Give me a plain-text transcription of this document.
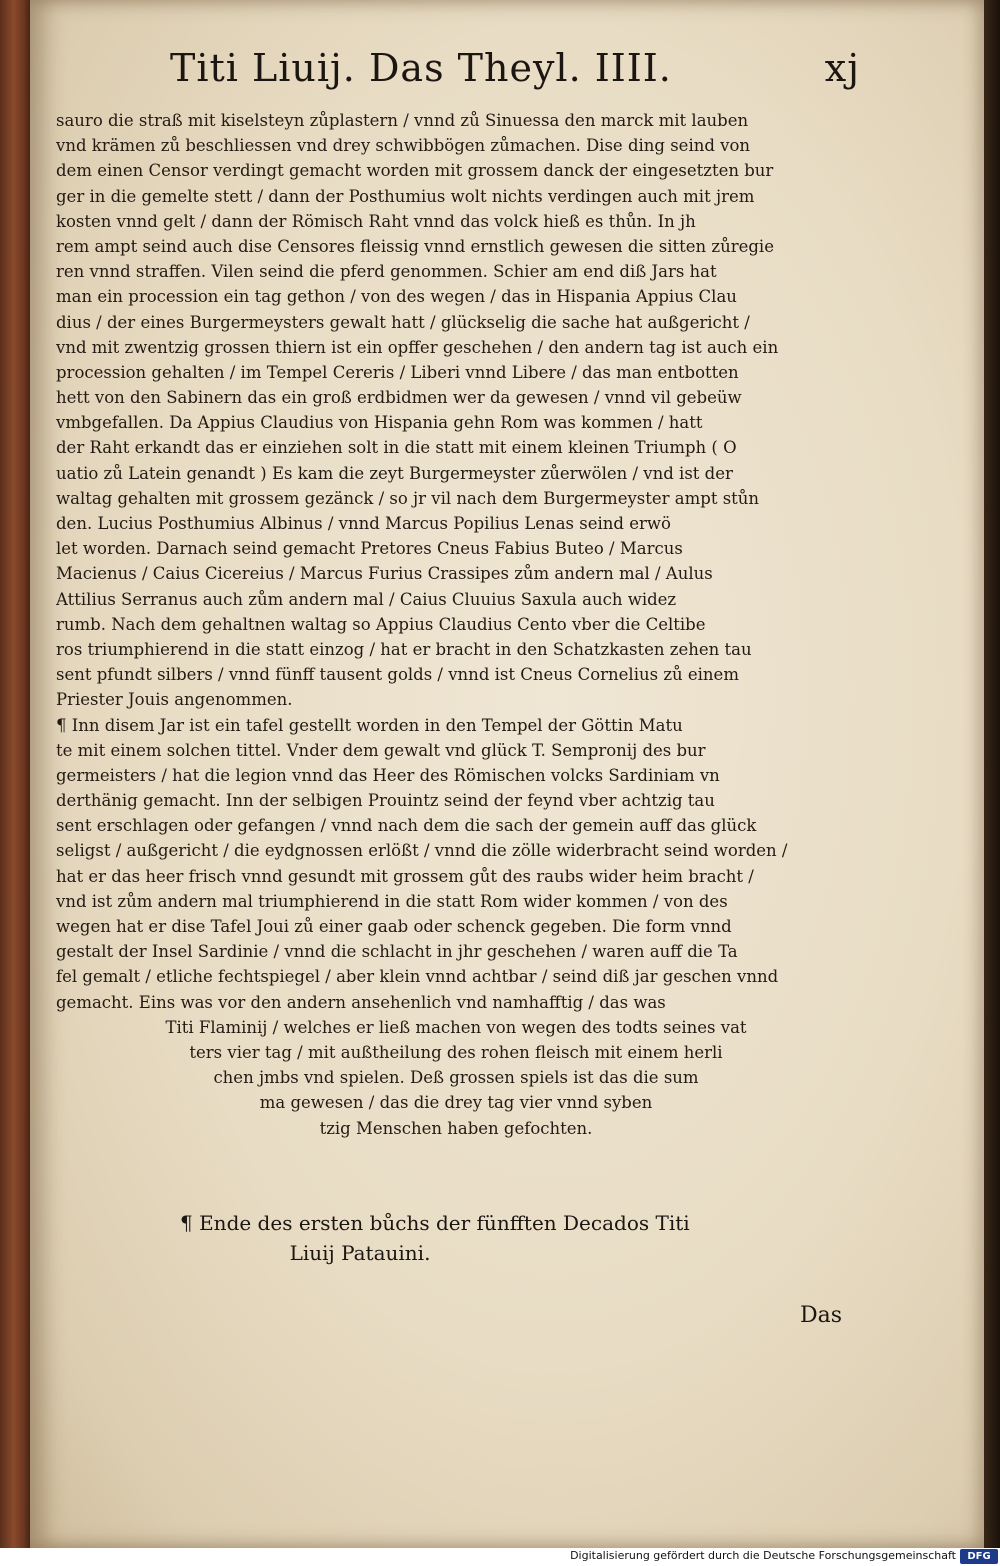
Titi Liuij. Das Theyl. IIII.	xj
sauro die straß mit kiselsteyn zůplastern / vnnd zů Sinuessa den marck mit lauben
vnd krämen zů beschliessen vnd drey schwibbögen zůmachen. Dise ding seind von
dem einen Censor verdingt gemacht worden mit grossem danck der eingesetzten bur
ger in die gemelte stett / dann der Posthumius wolt nichts verdingen auch mit jrem
kosten vnnd gelt / dann der Römisch Raht vnnd das volck hieß es thůn. In jh
rem ampt seind auch dise Censores fleissig vnnd ernstlich gewesen die sitten zůregie
ren vnnd straffen. Vilen seind die pferd genommen. Schier am end diß Jars hat
man ein procession ein tag gethon / von des wegen / das in Hispania Appius Clau
dius / der eines Burgermeysters gewalt hatt / glückselig die sache hat außgericht /
vnd mit zwentzig grossen thiern ist ein opffer geschehen / den andern tag ist auch ein
procession gehalten / im Tempel Cereris / Liberi vnnd Libere / das man entbotten
hett von den Sabinern das ein groß erdbidmen wer da gewesen / vnnd vil gebeüw
vmbgefallen. Da Appius Claudius von Hispania gehn Rom was kommen / hatt
der Raht erkandt das er einziehen solt in die statt mit einem kleinen Triumph ( O
uatio zů Latein genandt ) Es kam die zeyt Burgermeyster zůerwölen / vnd ist der
waltag gehalten mit grossem gezänck / so jr vil nach dem Burgermeyster ampt stůn
den. Lucius Posthumius Albinus / vnnd Marcus Popilius Lenas seind erwö
let worden. Darnach seind gemacht Pretores Cneus Fabius Buteo / Marcus
Macienus / Caius Cicereius / Marcus Furius Crassipes zům andern mal / Aulus
Attilius Serranus auch zům andern mal / Caius Cluuius Saxula auch widez
rumb. Nach dem gehaltnen waltag so Appius Claudius Cento vber die Celtibe
ros triumphierend in die statt einzog / hat er bracht in den Schatzkasten zehen tau
sent pfundt silbers / vnnd fünff tausent golds / vnnd ist Cneus Cornelius zů einem
Priester Jouis angenommen.
¶ Inn disem Jar ist ein tafel gestellt worden in den Tempel der Göttin Matu
te mit einem solchen tittel. Vnder dem gewalt vnd glück T. Sempronij des bur
germeisters / hat die legion vnnd das Heer des Römischen volcks Sardiniam vn
derthänig gemacht. Inn der selbigen Prouintz seind der feynd vber achtzig tau
sent erschlagen oder gefangen / vnnd nach dem die sach der gemein auff das glück
seligst / außgericht / die eydgnossen erlößt / vnnd die zölle widerbracht seind worden /
hat er das heer frisch vnnd gesundt mit grossem gůt des raubs wider heim bracht /
vnd ist zům andern mal triumphierend in die statt Rom wider kommen / von des
wegen hat er dise Tafel Joui zů einer gaab oder schenck gegeben. Die form vnnd
gestalt der Insel Sardinie / vnnd die schlacht in jhr geschehen / waren auff die Ta
fel gemalt / etliche fechtspiegel / aber klein vnnd achtbar / seind diß jar geschen vnnd
gemacht. Eins was vor den andern ansehenlich vnd namhafftig / das was
Titi Flaminij / welches er ließ machen von wegen des todts seines vat
ters vier tag / mit außtheilung des rohen fleisch mit einem herli
chen jmbs vnd spielen. Deß grossen spiels ist das die sum
ma gewesen / das die drey tag vier vnnd syben
tzig Menschen haben gefochten.
¶ Ende des ersten bůchs der fünfften Decados Titi
Liuij Patauini.
Das
Digitalisierung gefördert durch die Deutsche Forschungsgemeinschaft	DFG
